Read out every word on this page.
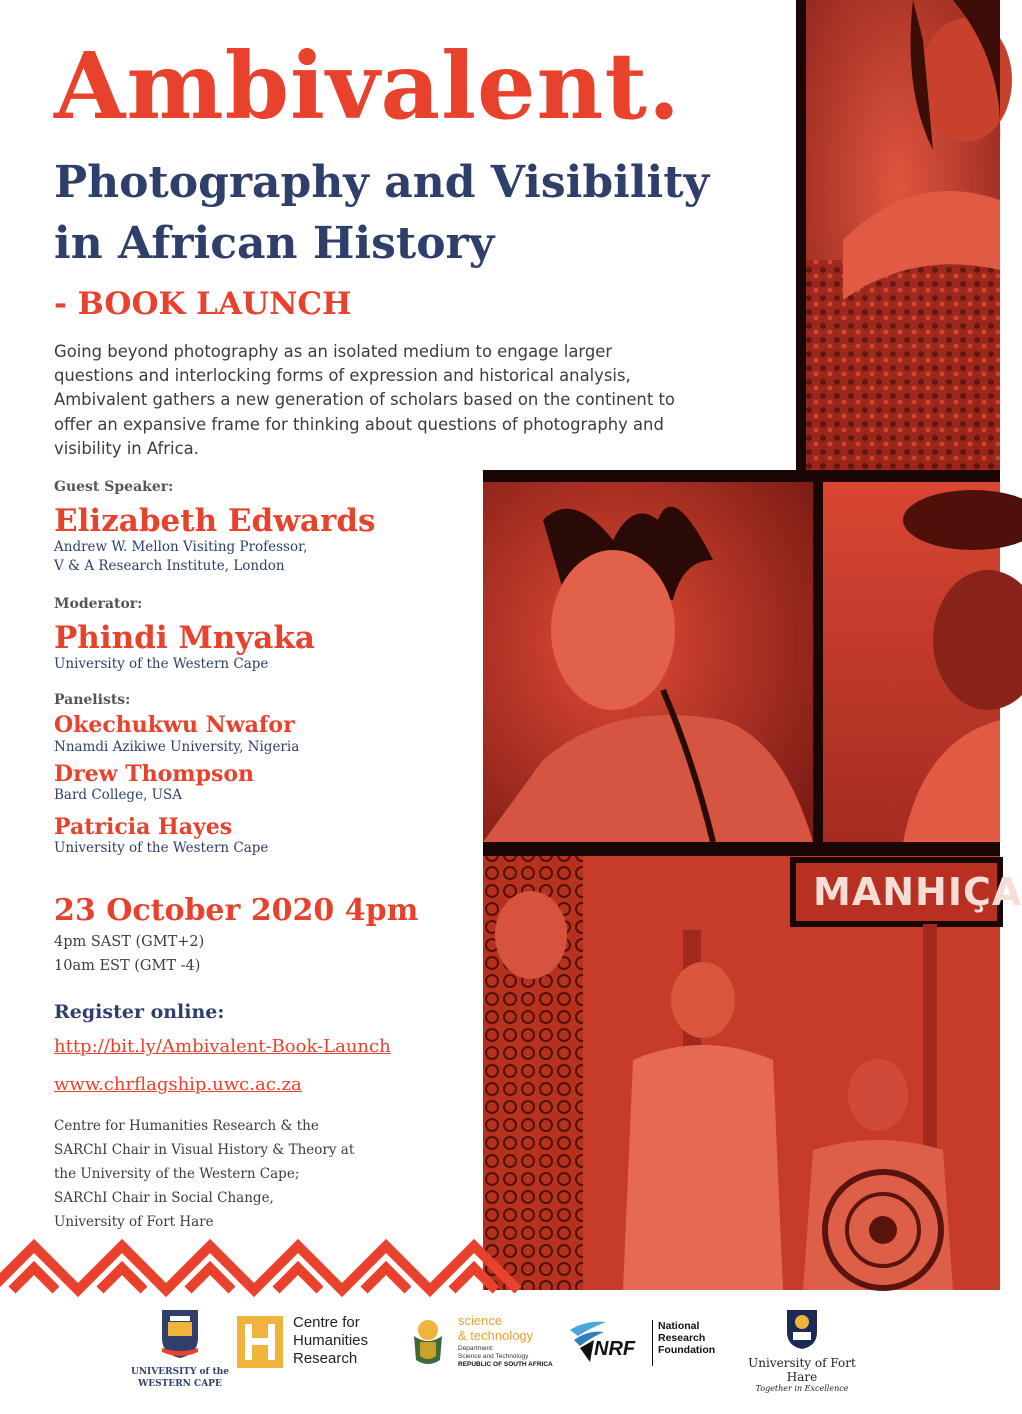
MANHIÇA
Ambivalent.
Photography and Visibility
in African History
- BOOK LAUNCH

Going beyond photography as an isolated medium to engage larger questions and interlocking forms of expression and historical analysis, Ambivalent gathers a new generation of scholars based on the continent to offer an expansive frame for thinking about questions of photography and visibility in Africa.

Guest Speaker:
Elizabeth Edwards
Andrew W. Mellon Visiting Professor,
V & A Research Institute, London
Moderator:
Phindi Mnyaka
University of the Western Cape
Panelists:
Okechukwu Nwafor
Nnamdi Azikiwe University, Nigeria
Drew Thompson
Bard College, USA
Patricia Hayes
University of the Western Cape
23 October 2020 4pm
4pm SAST (GMT+2)
10am EST (GMT -4)
Register online:
http://bit.ly/Ambivalent-Book-Launch
www.chrflagship.uwc.ac.za
Centre for Humanities Research & the
SARChI Chair in Visual History & Theory at
the University of the Western Cape;
SARChI Chair in Social Change,
University of Fort Hare
UNIVERSITY of the
WESTERN CAPE
Centre for
Humanities
Research
science
& technology
Department:
Science and Technology
REPUBLIC OF SOUTH AFRICA
NRF
National
Research
Foundation
University of Fort Hare
Together in Excellence
